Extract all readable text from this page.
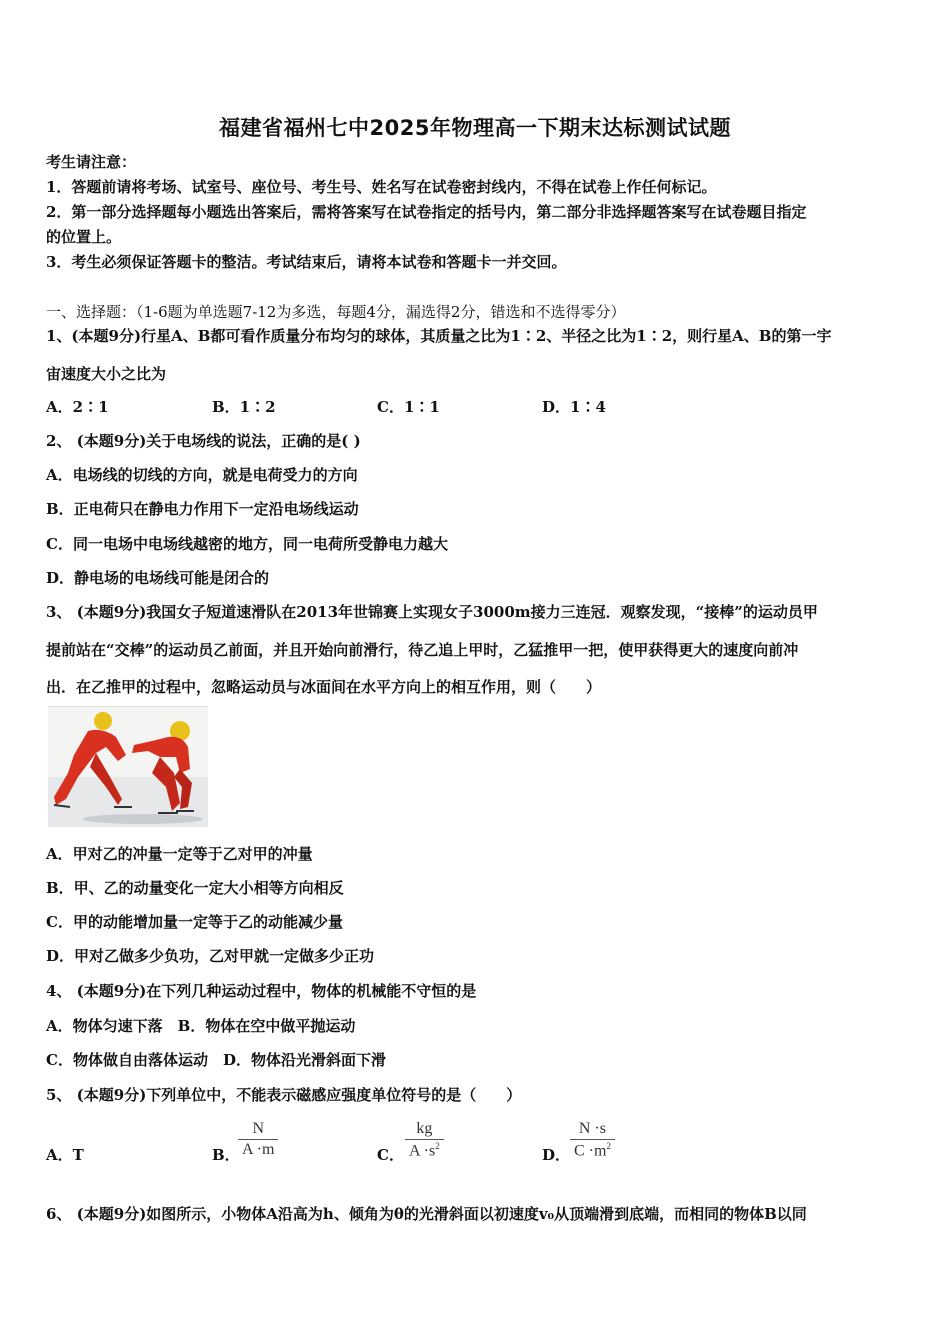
福建省福州七中2025年物理高一下期末达标测试试题
考生请注意：
1．答题前请将考场、试室号、座位号、考生号、姓名写在试卷密封线内，不得在试卷上作任何标记。
2．第一部分选择题每小题选出答案后，需将答案写在试卷指定的括号内，第二部分非选择题答案写在试卷题目指定
的位置上。
3．考生必须保证答题卡的整洁。考试结束后，请将本试卷和答题卡一并交回。
一、选择题：（1-6题为单选题7-12为多选，每题4分，漏选得2分，错选和不选得零分）
1、(本题9分)行星A、B都可看作质量分布均匀的球体，其质量之比为1∶2、半径之比为1∶2，则行星A、B的第一宇
宙速度大小之比为
A．2∶1	B．1∶2	C．1∶1	D．1∶4
2、 (本题9分)关于电场线的说法，正确的是( )
A．电场线的切线的方向，就是电荷受力的方向
B．正电荷只在静电力作用下一定沿电场线运动
C．同一电场中电场线越密的地方，同一电荷所受静电力越大
D．静电场的电场线可能是闭合的
3、 (本题9分)我国女子短道速滑队在2013年世锦赛上实现女子3000m接力三连冠．观察发现，“接棒”的运动员甲
提前站在“交棒”的运动员乙前面，并且开始向前滑行，待乙追上甲时，乙猛推甲一把，使甲获得更大的速度向前冲
出．在乙推甲的过程中，忽略运动员与冰面间在水平方向上的相互作用，则（　　）
A．甲对乙的冲量一定等于乙对甲的冲量
B．甲、乙的动量变化一定大小相等方向相反
C．甲的动能增加量一定等于乙的动能减少量
D．甲对乙做多少负功，乙对甲就一定做多少正功
4、 (本题9分)在下列几种运动过程中，物体的机械能不守恒的是
A．物体匀速下落　B．物体在空中做平抛运动
C．物体做自由落体运动　D．物体沿光滑斜面下滑
5、 (本题9分)下列单位中，不能表示磁感应强度单位符号的是（　　）
A．T	B．
N
A ·m	C．
kg
$A \cdot s^2$	D．
N ·s
$C \cdot m^2$
6、 (本题9分)如图所示，小物体A沿高为h、倾角为θ的光滑斜面以初速度v₀从顶端滑到底端，而相同的物体B以同
